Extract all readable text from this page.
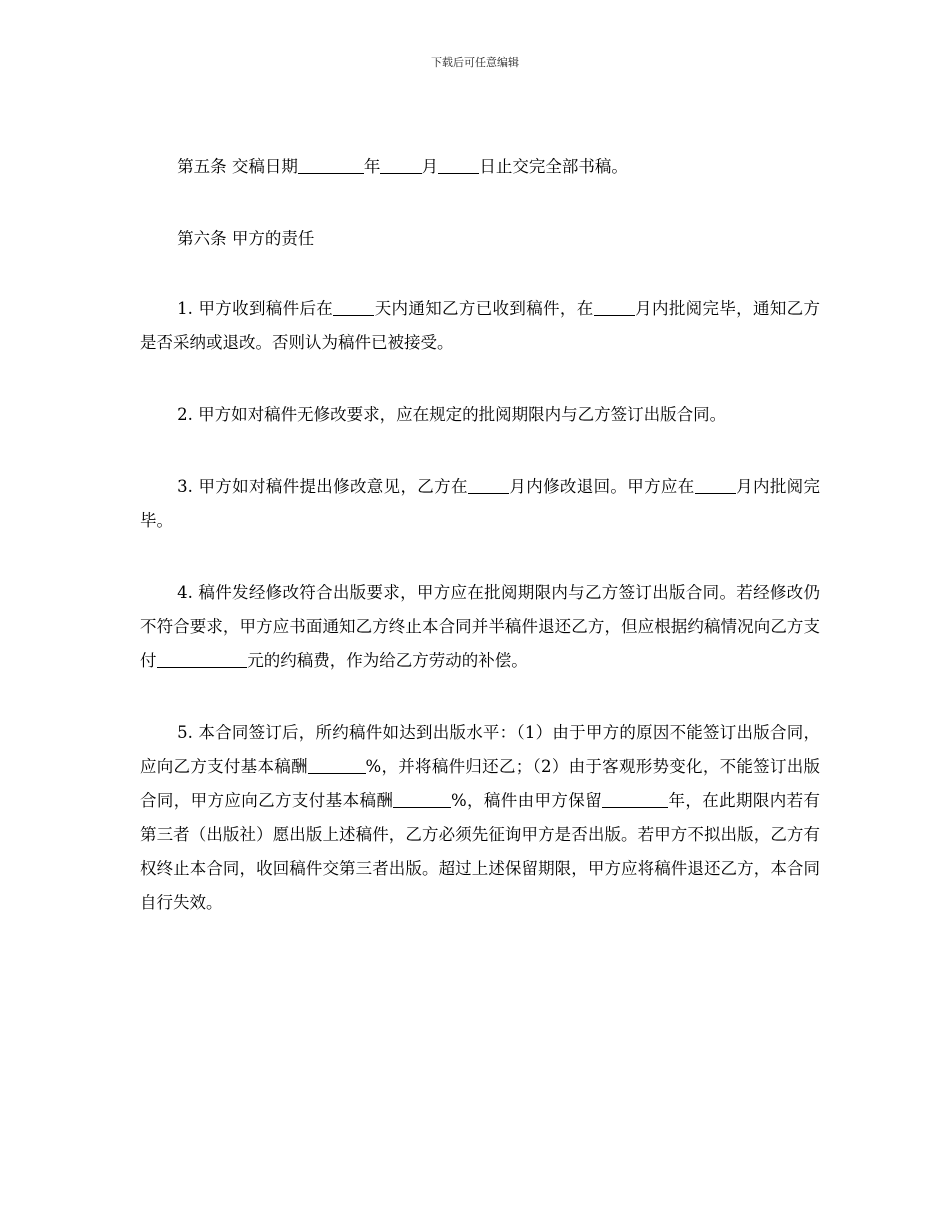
下载后可任意编辑

第五条 交稿日期	年	月	日止交完全部书稿。

第六条 甲方的责任

1. 甲方收到稿件后在	天内通知乙方已收到稿件，在	月内批阅完毕，通知乙方是否采纳或退改。否则认为稿件已被接受。

2. 甲方如对稿件无修改要求，应在规定的批阅期限内与乙方签订出版合同。

3. 甲方如对稿件提出修改意见，乙方在	月内修改退回。甲方应在	月内批阅完毕。

4. 稿件发经修改符合出版要求，甲方应在批阅期限内与乙方签订出版合同。若经修改仍不符合要求，甲方应书面通知乙方终止本合同并半稿件退还乙方，但应根据约稿情况向乙方支付	元的约稿费，作为给乙方劳动的补偿。

5. 本合同签订后，所约稿件如达到出版水平：（1）由于甲方的原因不能签订出版合同，应向乙方支付基本稿酬	%，并将稿件归还乙；（2）由于客观形势变化，不能签订出版合同，甲方应向乙方支付基本稿酬	%，稿件由甲方保留	年，在此期限内若有第三者（出版社）愿出版上述稿件，乙方必须先征询甲方是否出版。若甲方不拟出版，乙方有权终止本合同，收回稿件交第三者出版。超过上述保留期限，甲方应将稿件退还乙方，本合同自行失效。
